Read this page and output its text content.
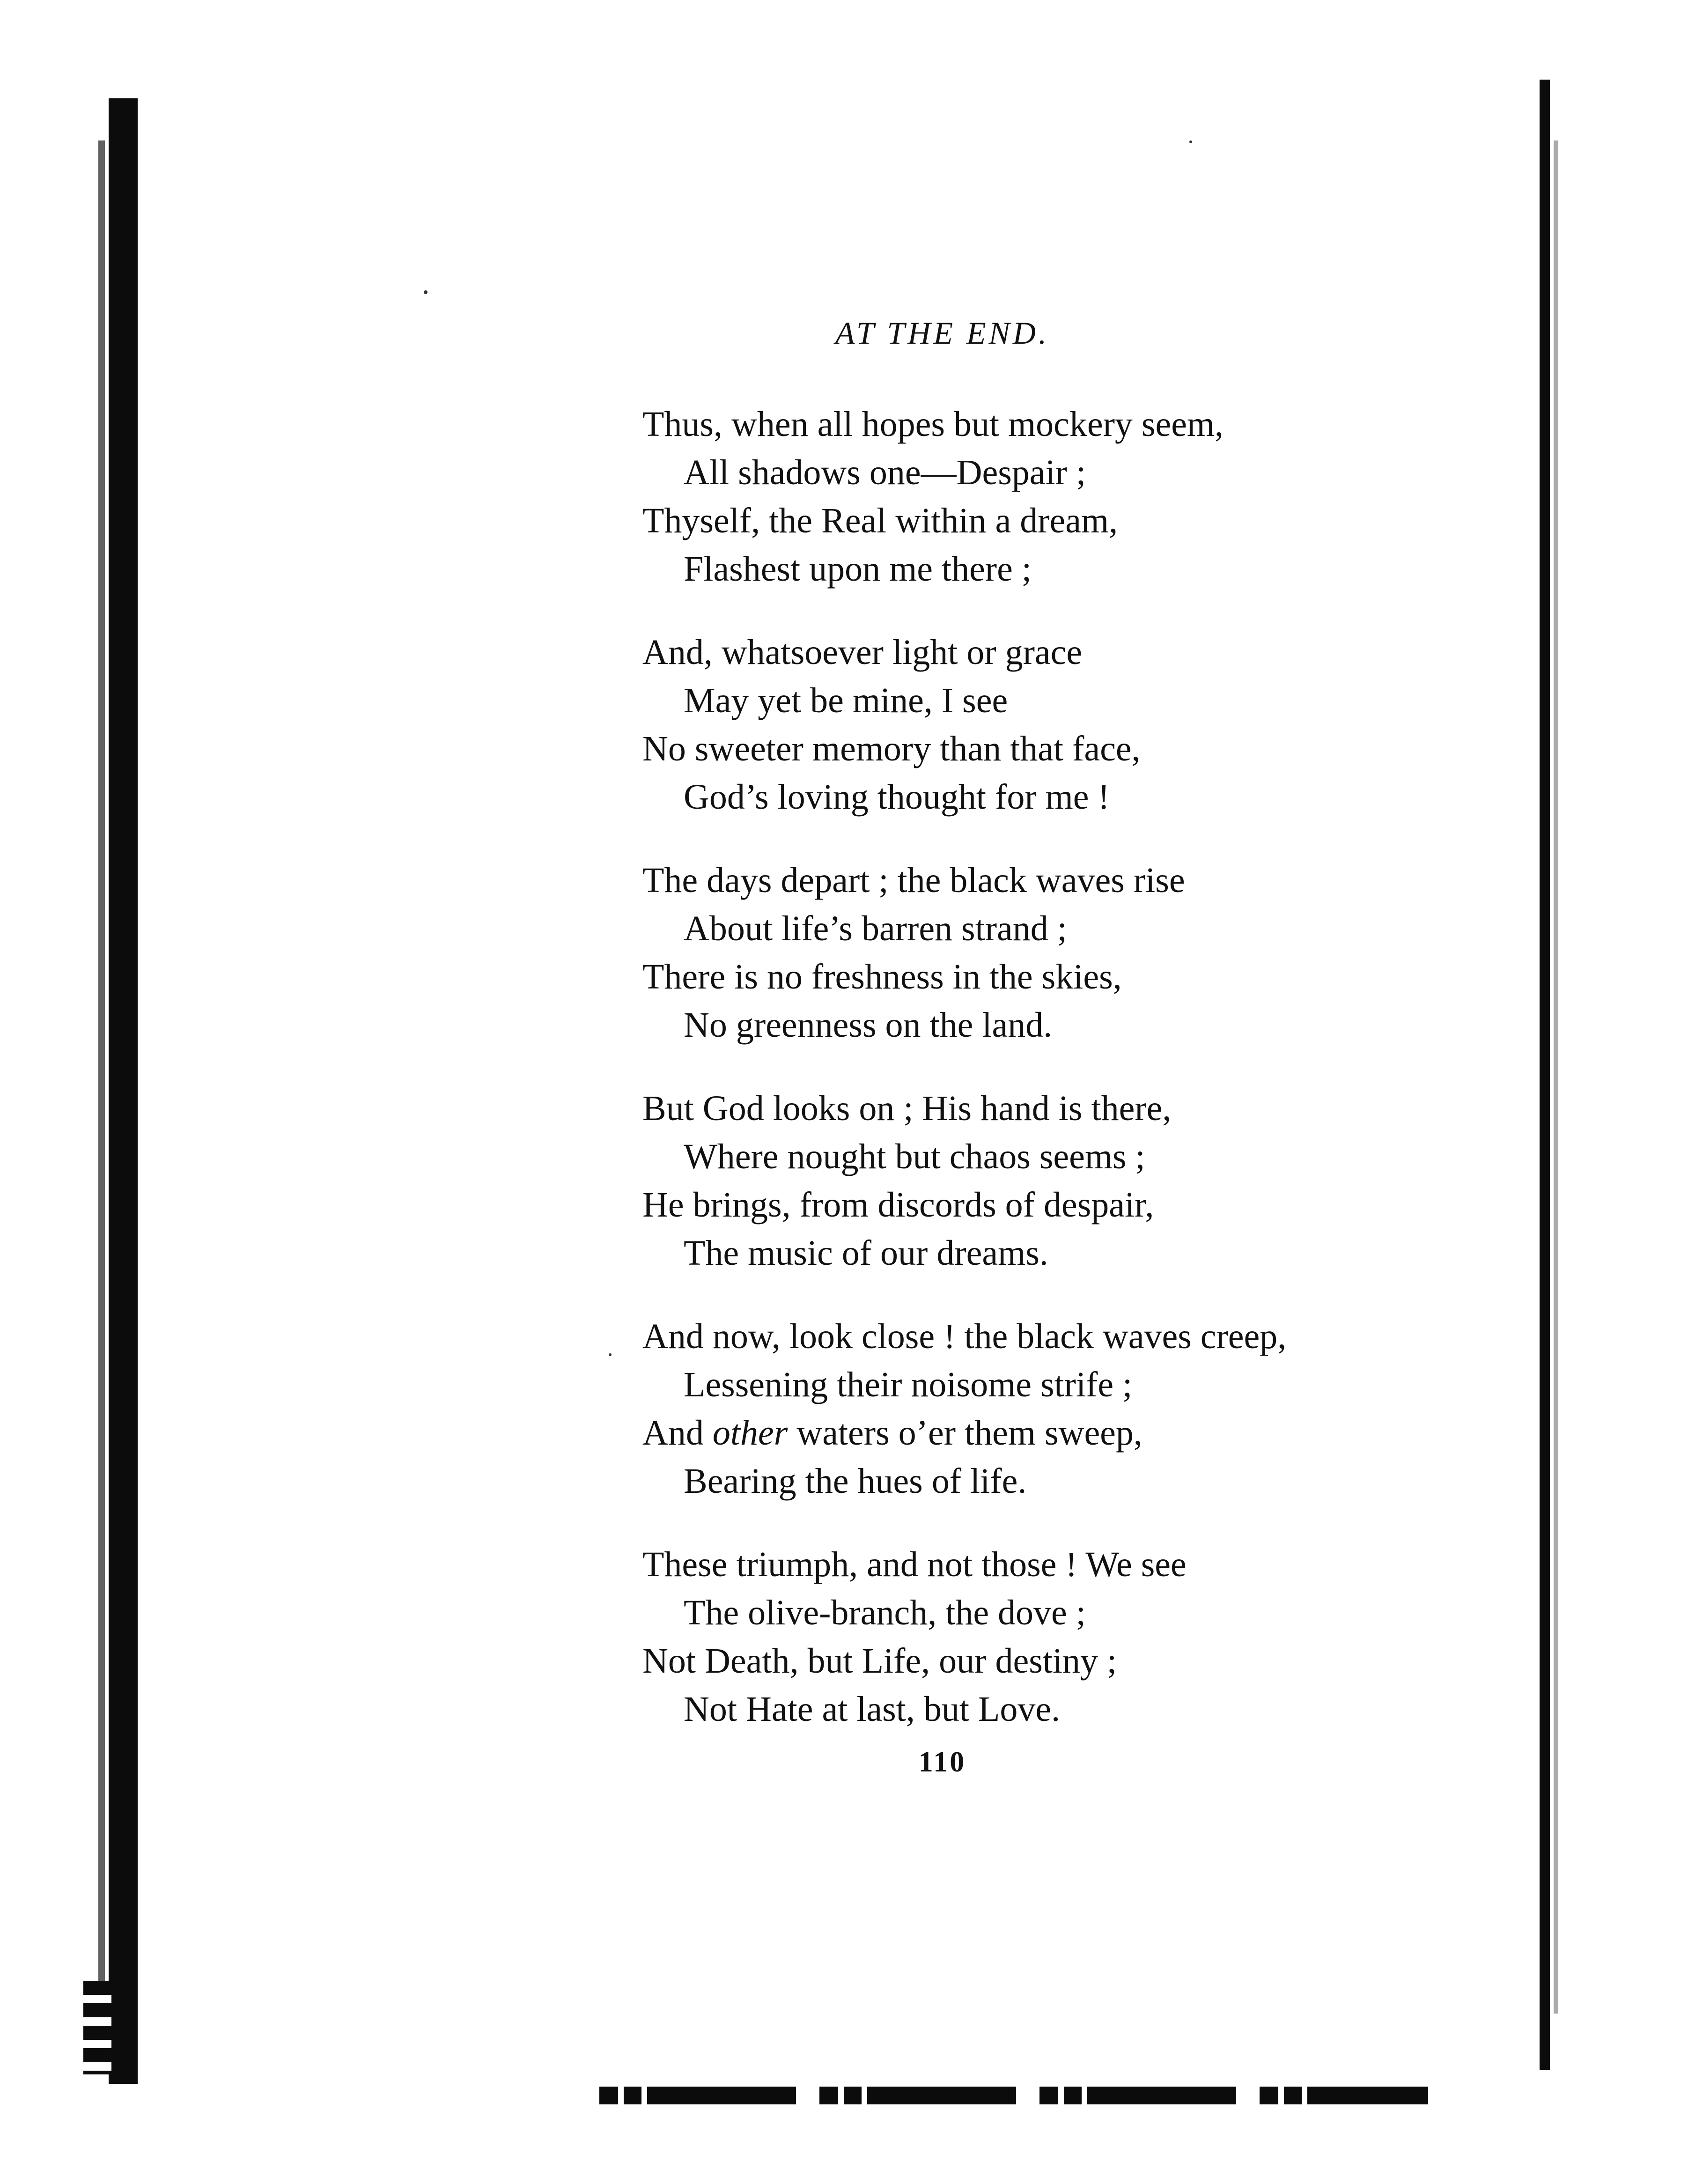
AT THE END.
Thus, when all hopes but mockery seem,
All shadows one—Despair ;
Thyself, the Real within a dream,
Flashest upon me there ;
And, whatsoever light or grace
May yet be mine, I see
No sweeter memory than that face,
God’s loving thought for me !
The days depart ; the black waves rise
About life’s barren strand ;
There is no freshness in the skies,
No greenness on the land.
But God looks on ; His hand is there,
Where nought but chaos seems ;
He brings, from discords of despair,
The music of our dreams.
And now, look close ! the black waves creep,
Lessening their noisome strife ;
And other waters o’er them sweep,
Bearing the hues of life.
These triumph, and not those ! We see
The olive-branch, the dove ;
Not Death, but Life, our destiny ;
Not Hate at last, but Love.
110
